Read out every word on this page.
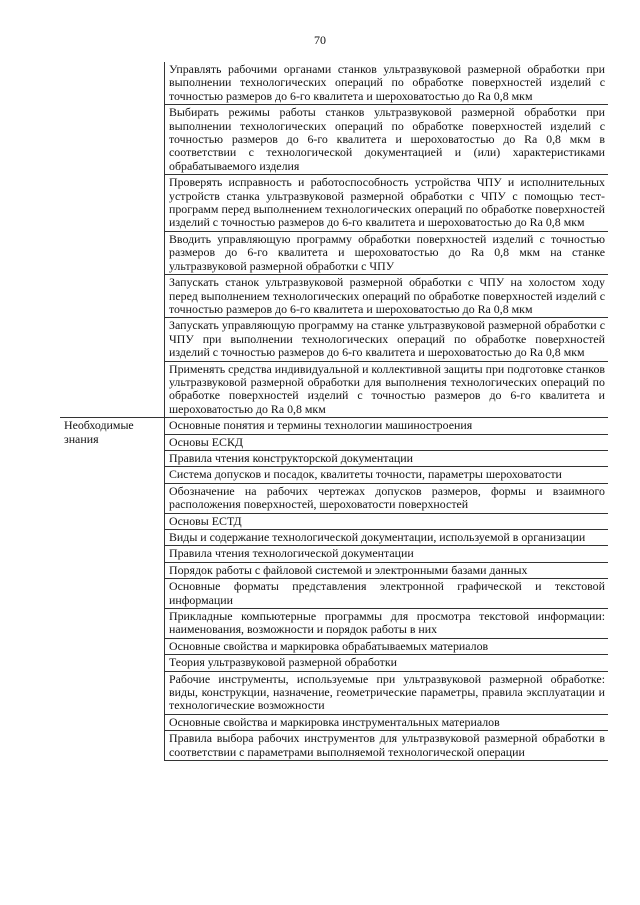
70
	Управлять рабочими органами станков ультразвуковой размерной обработки при выполнении технологических операций по обработке поверхностей изделий с точностью размеров до 6-го квалитета и шероховатостью до Ra 0,8 мкм
	Выбирать режимы работы станков ультразвуковой размерной обработки при выполнении технологических операций по обработке поверхностей изделий с точностью размеров до 6-го квалитета и шероховатостью до Ra 0,8 мкм в соответствии с технологической документацией и (или) характеристиками обрабатываемого изделия
	Проверять исправность и работоспособность устройства ЧПУ и исполнительных устройств станка ультразвуковой размерной обработки с ЧПУ с помощью тест-программ перед выполнением технологических операций по обработке поверхностей изделий с точностью размеров до 6-го квалитета и шероховатостью до Ra 0,8 мкм
	Вводить управляющую программу обработки поверхностей изделий с точностью размеров до 6-го квалитета и шероховатостью до Ra 0,8 мкм на станке ультразвуковой размерной обработки с ЧПУ
	Запускать станок ультразвуковой размерной обработки с ЧПУ на холостом ходу перед выполнением технологических операций по обработке поверхностей изделий с точностью размеров до 6-го квалитета и шероховатостью до Ra 0,8 мкм
	Запускать управляющую программу на станке ультразвуковой размерной обработки с ЧПУ при выполнении технологических операций по обработке поверхностей изделий с точностью размеров до 6-го квалитета и шероховатостью до Ra 0,8 мкм
	Применять средства индивидуальной и коллективной защиты при подготовке станков ультразвуковой размерной обработки для выполнения технологических операций по обработке поверхностей изделий с точностью размеров до 6-го квалитета и шероховатостью до Ra 0,8 мкм
Необходимые знания	Основные понятия и термины технологии машиностроения
	Основы ЕСКД
	Правила чтения конструкторской документации
	Система допусков и посадок, квалитеты точности, параметры шероховатости
	Обозначение на рабочих чертежах допусков размеров, формы и взаимного расположения поверхностей, шероховатости поверхностей
	Основы ЕСТД
	Виды и содержание технологической документации, используемой в организации
	Правила чтения технологической документации
	Порядок работы с файловой системой и электронными базами данных
	Основные форматы представления электронной графической и текстовой информации
	Прикладные компьютерные программы для просмотра текстовой информации: наименования, возможности и порядок работы в них
	Основные свойства и маркировка обрабатываемых материалов
	Теория ультразвуковой размерной обработки
	Рабочие инструменты, используемые при ультразвуковой размерной обработке: виды, конструкции, назначение, геометрические параметры, правила эксплуатации и технологические возможности
	Основные свойства и маркировка инструментальных материалов
	Правила выбора рабочих инструментов для ультразвуковой размерной обработки в соответствии с параметрами выполняемой технологической операции
